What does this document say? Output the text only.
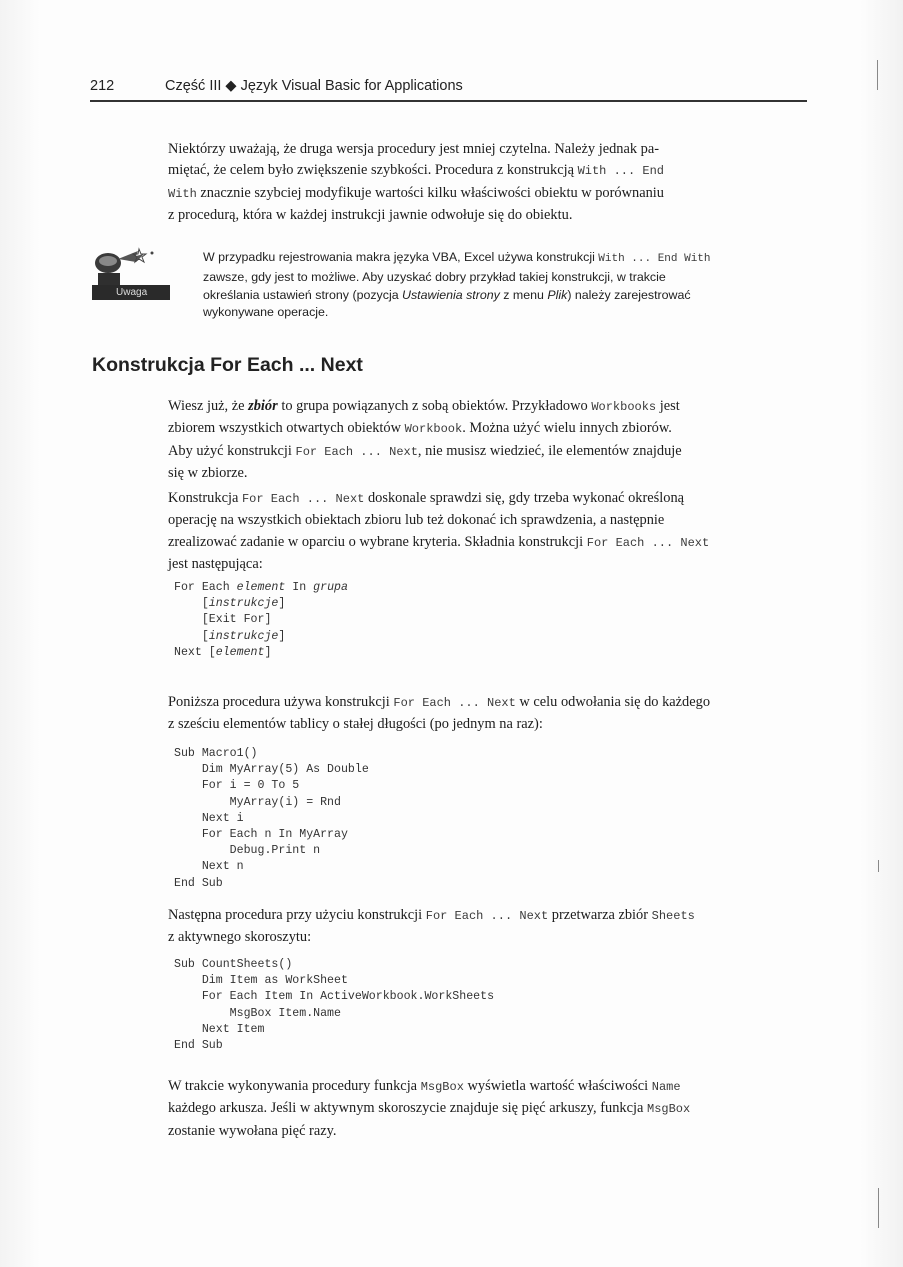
212	Część III ◆ Język Visual Basic for Applications
Niektórzy uważają, że druga wersja procedury jest mniej czytelna. Należy jednak pa-
miętać, że celem było zwiększenie szybkości. Procedura z konstrukcją With ... End
With znacznie szybciej modyfikuje wartości kilku właściwości obiektu w porównaniu
z procedurą, która w każdej instrukcji jawnie odwołuje się do obiektu.
Uwaga
W przypadku rejestrowania makra języka VBA, Excel używa konstrukcji With ... End With
zawsze, gdy jest to możliwe. Aby uzyskać dobry przykład takiej konstrukcji, w trakcie
określania ustawień strony (pozycja Ustawienia strony z menu Plik) należy zarejestrować
wykonywane operacje.
Konstrukcja For Each ... Next
Wiesz już, że zbiór to grupa powiązanych z sobą obiektów. Przykładowo Workbooks jest
zbiorem wszystkich otwartych obiektów Workbook. Można użyć wielu innych zbiorów.
Aby użyć konstrukcji For Each ... Next, nie musisz wiedzieć, ile elementów znajduje
się w zbiorze.
Konstrukcja For Each ... Next doskonale sprawdzi się, gdy trzeba wykonać określoną
operację na wszystkich obiektach zbioru lub też dokonać ich sprawdzenia, a następnie
zrealizować zadanie w oparciu o wybrane kryteria. Składnia konstrukcji For Each ... Next
jest następująca:
For Each element In grupa
[instrukcje]
[Exit For]
[instrukcje]
Next [element]
Poniższa procedura używa konstrukcji For Each ... Next w celu odwołania się do każdego
z sześciu elementów tablicy o stałej długości (po jednym na raz):
Sub Macro1()
Dim MyArray(5) As Double
For i = 0 To 5
MyArray(i) = Rnd
Next i
For Each n In MyArray
Debug.Print n
Next n
End Sub
Następna procedura przy użyciu konstrukcji For Each ... Next przetwarza zbiór Sheets
z aktywnego skoroszytu:
Sub CountSheets()
Dim Item as WorkSheet
For Each Item In ActiveWorkbook.WorkSheets
MsgBox Item.Name
Next Item
End Sub
W trakcie wykonywania procedury funkcja MsgBox wyświetla wartość właściwości Name
każdego arkusza. Jeśli w aktywnym skoroszycie znajduje się pięć arkuszy, funkcja MsgBox
zostanie wywołana pięć razy.
